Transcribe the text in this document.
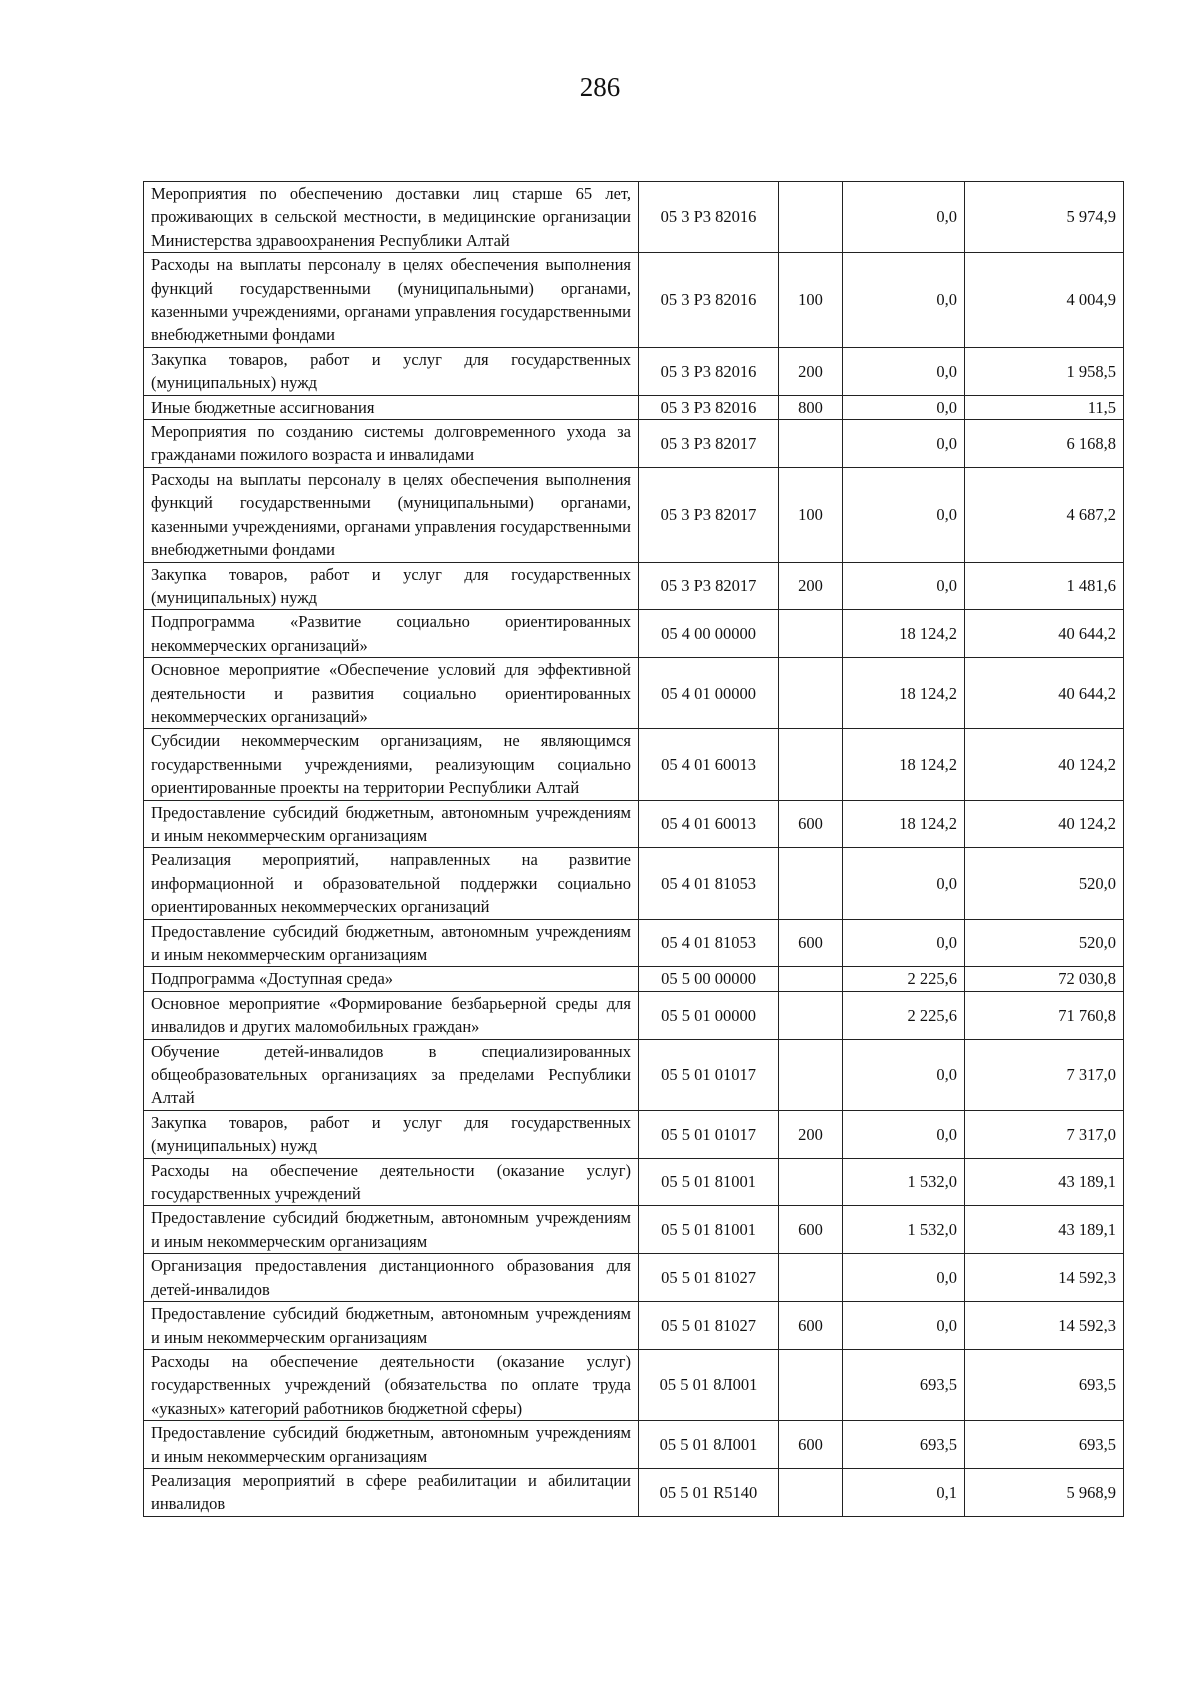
286
Мероприятия по обеспечению доставки лиц старше 65 лет, проживающих в сельской местности, в медицинские организации Министерства здравоохранения Республики Алтай	05 3 Р3 82016		0,0	5 974,9
Расходы на выплаты персоналу в целях обеспечения выполнения функций государственными (муниципальными) органами, казенными учреждениями, органами управления государственными внебюджетными фондами	05 3 Р3 82016	100	0,0	4 004,9
Закупка товаров, работ и услуг для государственных (муниципальных) нужд	05 3 Р3 82016	200	0,0	1 958,5
Иные бюджетные ассигнования	05 3 Р3 82016	800	0,0	11,5
Мероприятия по созданию системы долговременного ухода за гражданами пожилого возраста и инвалидами	05 3 Р3 82017		0,0	6 168,8
Расходы на выплаты персоналу в целях обеспечения выполнения функций государственными (муниципальными) органами, казенными учреждениями, органами управления государственными внебюджетными фондами	05 3 Р3 82017	100	0,0	4 687,2
Закупка товаров, работ и услуг для государственных (муниципальных) нужд	05 3 Р3 82017	200	0,0	1 481,6
Подпрограмма «Развитие социально ориентированных некоммерческих организаций»	05 4 00 00000		18 124,2	40 644,2
Основное мероприятие «Обеспечение условий для эффективной деятельности и развития социально ориентированных некоммерческих организаций»	05 4 01 00000		18 124,2	40 644,2
Субсидии некоммерческим организациям, не являющимся государственными учреждениями, реализующим социально ориентированные проекты на территории Республики Алтай	05 4 01 60013		18 124,2	40 124,2
Предоставление субсидий бюджетным, автономным учреждениям и иным некоммерческим организациям	05 4 01 60013	600	18 124,2	40 124,2
Реализация мероприятий, направленных на развитие информационной и образовательной поддержки социально ориентированных некоммерческих организаций	05 4 01 81053		0,0	520,0
Предоставление субсидий бюджетным, автономным учреждениям и иным некоммерческим организациям	05 4 01 81053	600	0,0	520,0
Подпрограмма «Доступная среда»	05 5 00 00000		2 225,6	72 030,8
Основное мероприятие «Формирование безбарьерной среды для инвалидов и других маломобильных граждан»	05 5 01 00000		2 225,6	71 760,8
Обучение детей-инвалидов в специализированных общеобразовательных организациях за пределами Республики Алтай	05 5 01 01017		0,0	7 317,0
Закупка товаров, работ и услуг для государственных (муниципальных) нужд	05 5 01 01017	200	0,0	7 317,0
Расходы на обеспечение деятельности (оказание услуг) государственных учреждений	05 5 01 81001		1 532,0	43 189,1
Предоставление субсидий бюджетным, автономным учреждениям и иным некоммерческим организациям	05 5 01 81001	600	1 532,0	43 189,1
Организация предоставления дистанционного образования для детей-инвалидов	05 5 01 81027		0,0	14 592,3
Предоставление субсидий бюджетным, автономным учреждениям и иным некоммерческим организациям	05 5 01 81027	600	0,0	14 592,3
Расходы на обеспечение деятельности (оказание услуг) государственных учреждений (обязательства по оплате труда «указных» категорий работников бюджетной сферы)	05 5 01 8Л001		693,5	693,5
Предоставление субсидий бюджетным, автономным учреждениям и иным некоммерческим организациям	05 5 01 8Л001	600	693,5	693,5
Реализация мероприятий в сфере реабилитации и абилитации инвалидов	05 5 01 R5140		0,1	5 968,9
